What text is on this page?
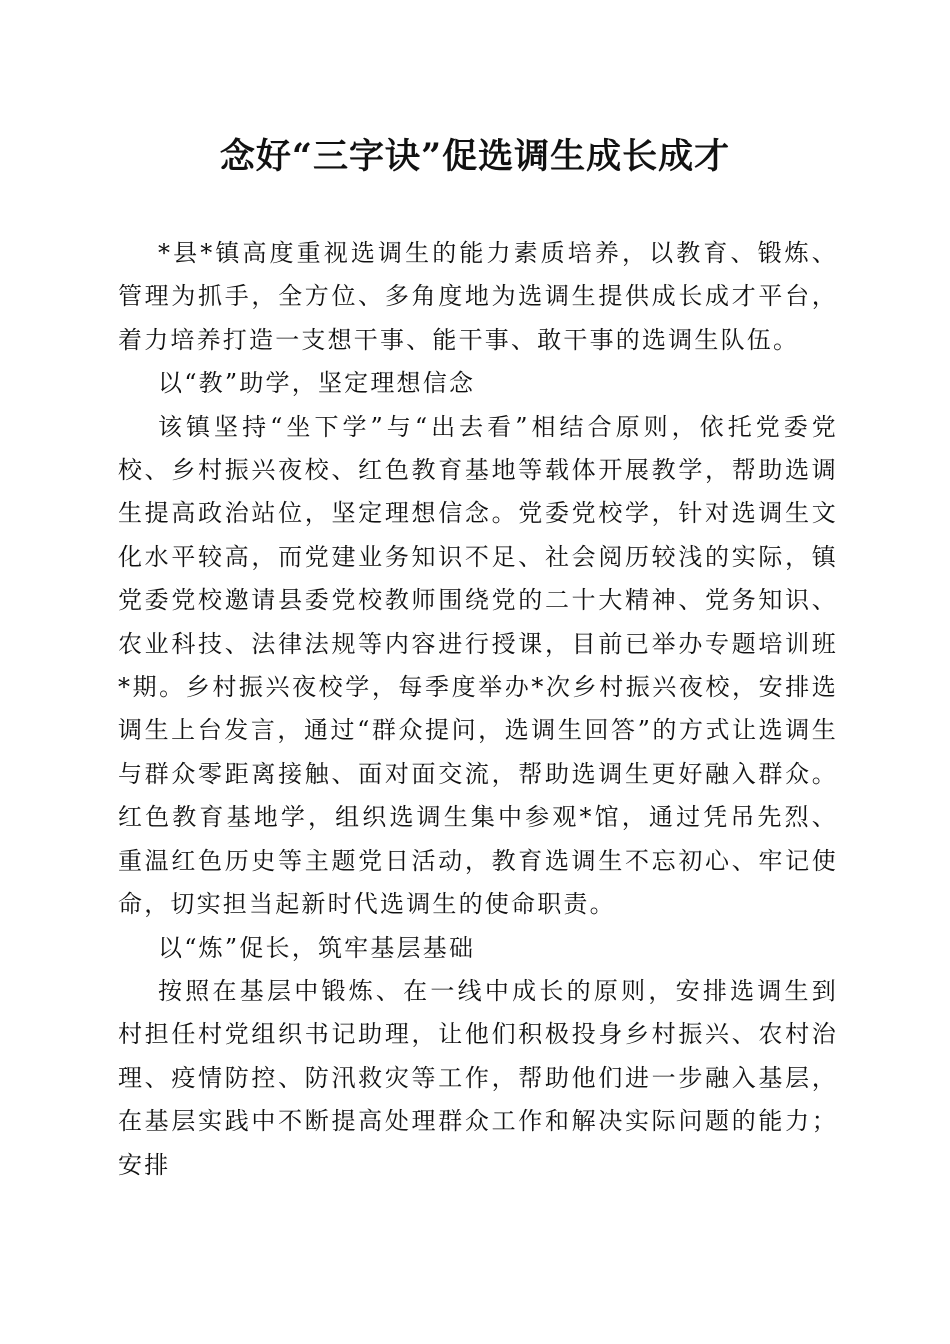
念好“三字诀”促选调生成长成才

*县*镇高度重视选调生的能力素质培养，以教育、锻炼、管理为抓手，全方位、多角度地为选调生提供成长成才平台，着力培养打造一支想干事、能干事、敢干事的选调生队伍。

以“教”助学，坚定理想信念

该镇坚持“坐下学”与“出去看”相结合原则，依托党委党校、乡村振兴夜校、红色教育基地等载体开展教学，帮助选调生提高政治站位，坚定理想信念。党委党校学，针对选调生文化水平较高，而党建业务知识不足、社会阅历较浅的实际，镇党委党校邀请县委党校教师围绕党的二十大精神、党务知识、农业科技、法律法规等内容进行授课，目前已举办专题培训班*期。乡村振兴夜校学，每季度举办*次乡村振兴夜校，安排选调生上台发言，通过“群众提问，选调生回答”的方式让选调生与群众零距离接触、面对面交流，帮助选调生更好融入群众。红色教育基地学，组织选调生集中参观*馆，通过凭吊先烈、重温红色历史等主题党日活动，教育选调生不忘初心、牢记使命，切实担当起新时代选调生的使命职责。

以“炼”促长，筑牢基层基础

按照在基层中锻炼、在一线中成长的原则，安排选调生到村担任村党组织书记助理，让他们积极投身乡村振兴、农村治理、疫情防控、防汛救灾等工作，帮助他们进一步融入基层，在基层实践中不断提高处理群众工作和解决实际问题的能力；安排
